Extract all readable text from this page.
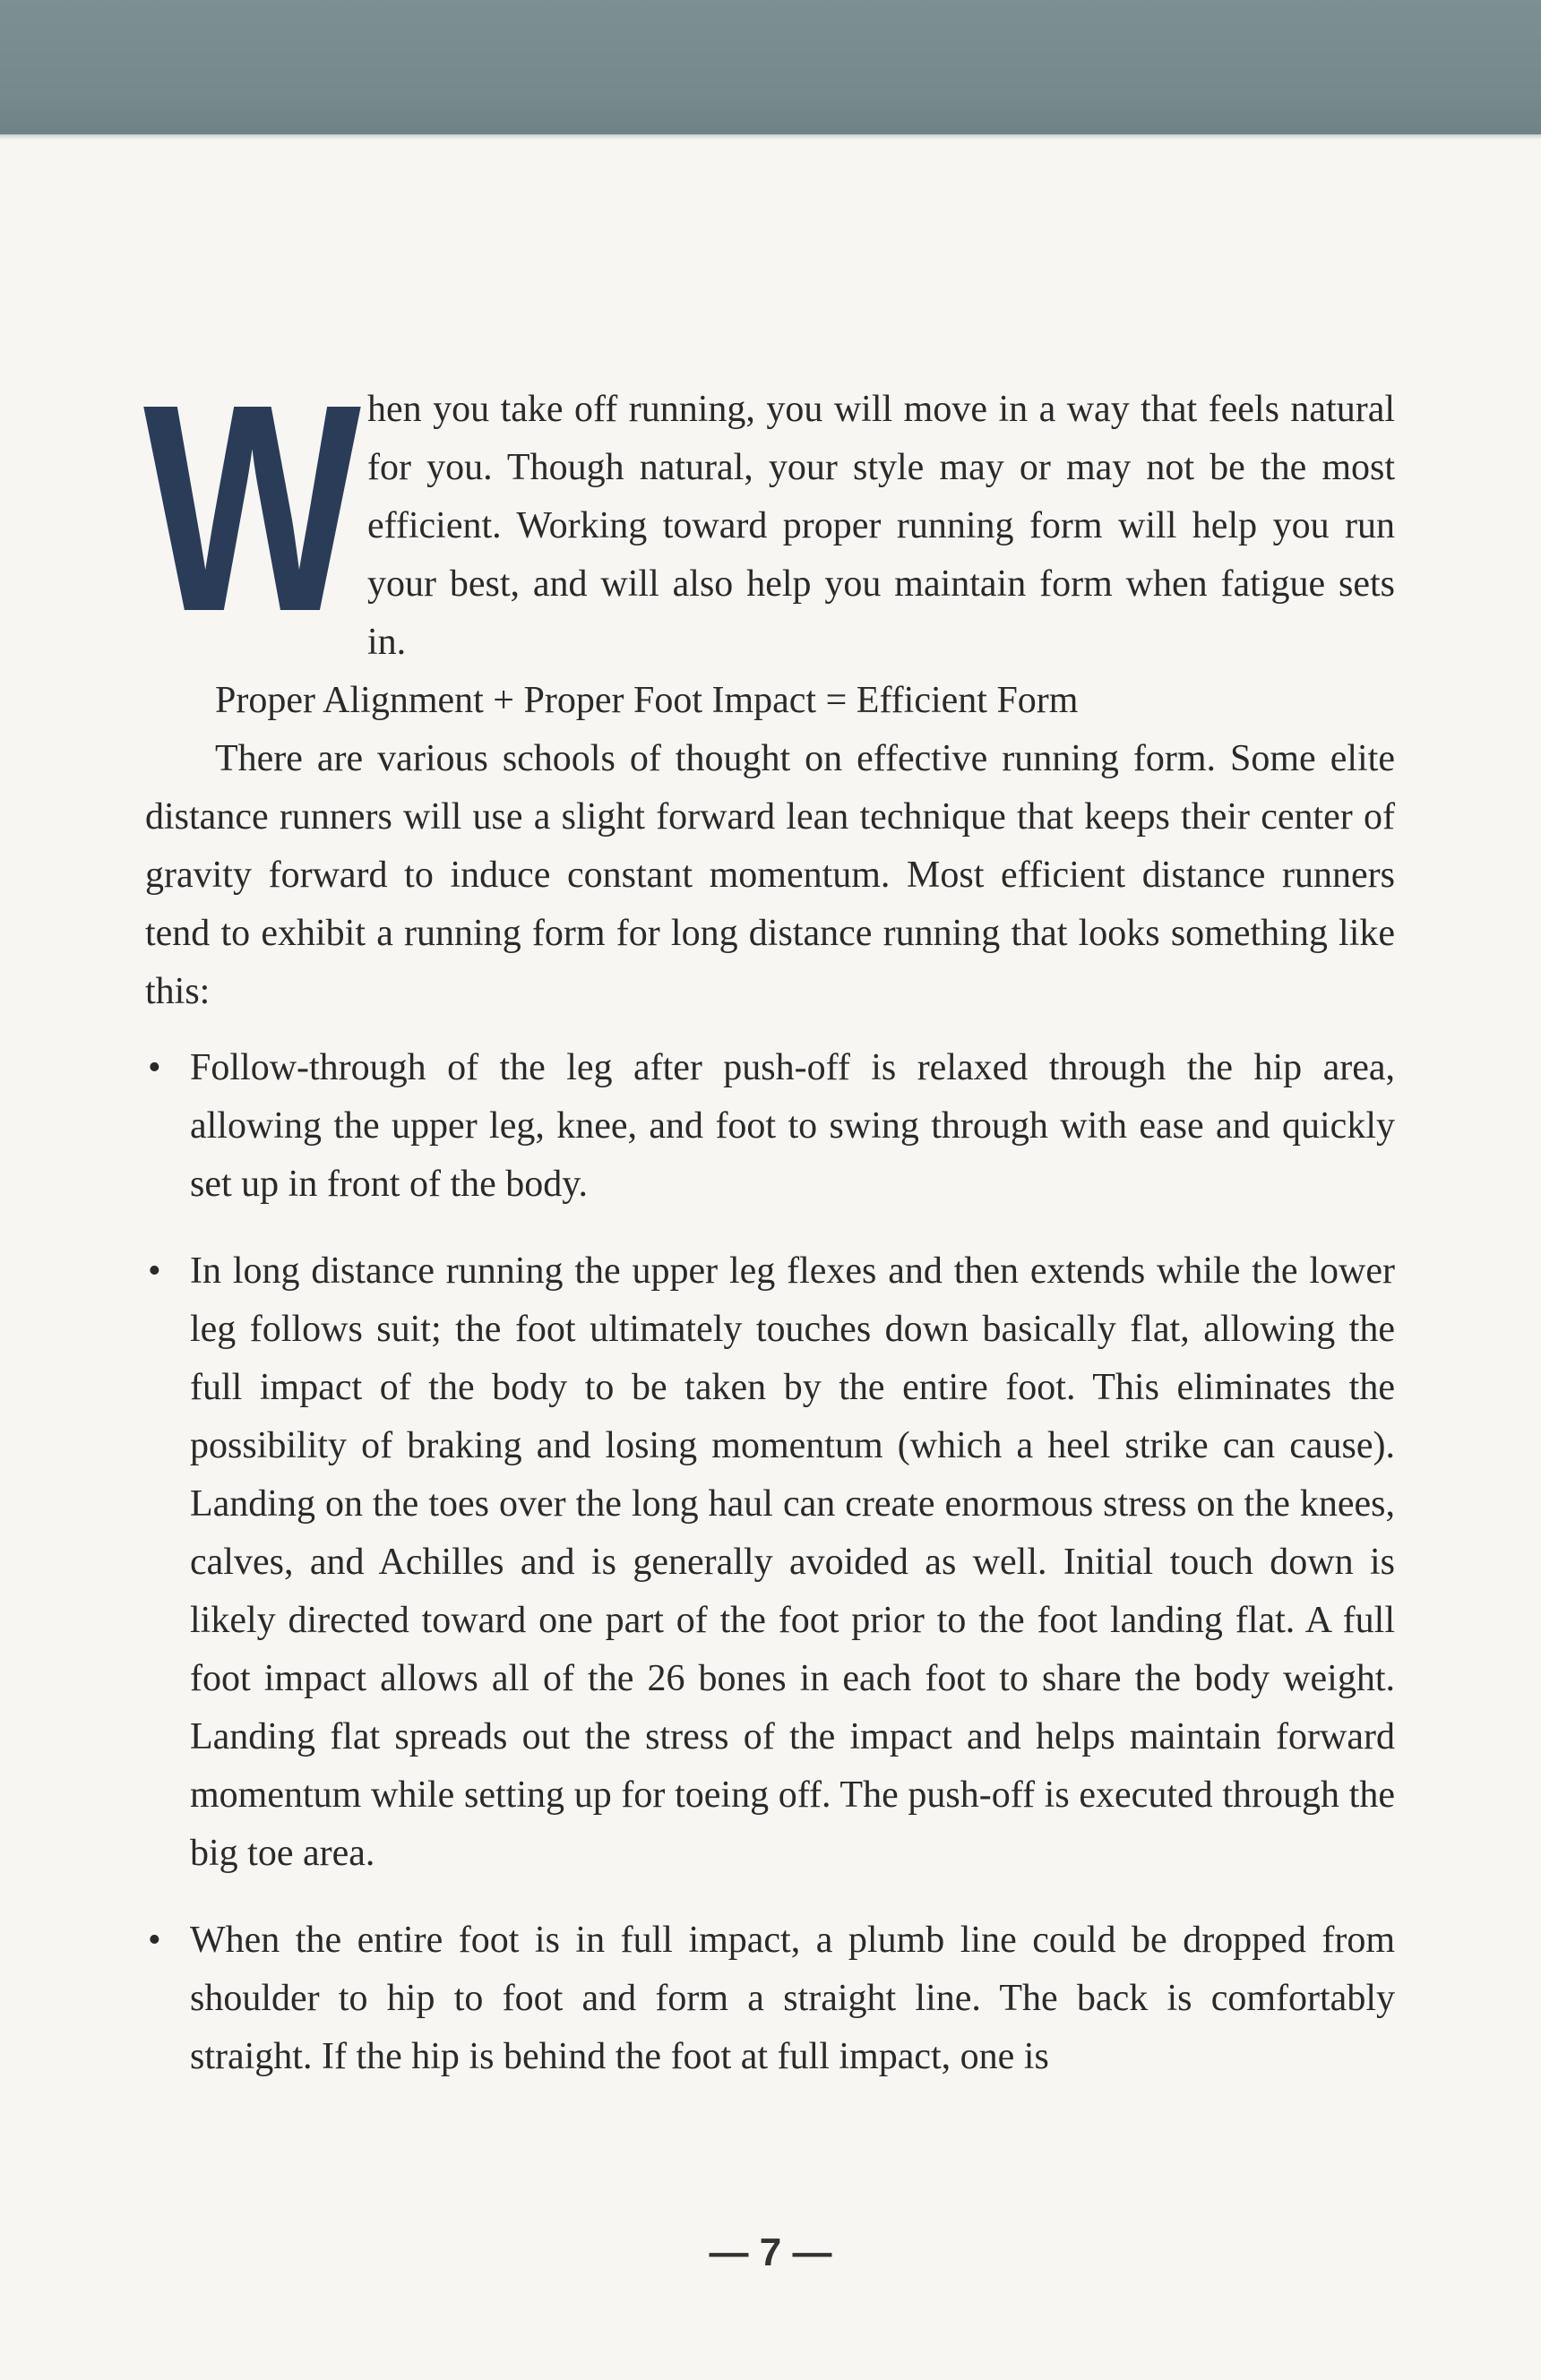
When you take off running, you will move in a way that feels natural for you. Though natural, your style may or may not be the most efficient. Working toward proper running form will help you run your best, and will also help you maintain form when fatigue sets in.

Proper Alignment + Proper Foot Impact = Efficient Form

There are various schools of thought on effective running form. Some elite distance runners will use a slight forward lean technique that keeps their center of gravity forward to induce constant momentum. Most efficient distance runners tend to exhibit a running form for long distance running that looks something like this:

• Follow-through of the leg after push-off is relaxed through the hip area, allowing the upper leg, knee, and foot to swing through with ease and quickly set up in front of the body.
• In long distance running the upper leg flexes and then extends while the lower leg follows suit; the foot ultimately touches down basically flat, allowing the full impact of the body to be taken by the entire foot. This eliminates the possibility of braking and losing momentum (which a heel strike can cause). Landing on the toes over the long haul can create enormous stress on the knees, calves, and Achilles and is generally avoided as well. Initial touch down is likely directed toward one part of the foot prior to the foot landing flat. A full foot impact allows all of the 26 bones in each foot to share the body weight. Landing flat spreads out the stress of the impact and helps maintain forward momentum while setting up for toeing off. The push-off is executed through the big toe area.
• When the entire foot is in full impact, a plumb line could be dropped from shoulder to hip to foot and form a straight line. The back is comfortably straight. If the hip is behind the foot at full impact, one is
— 7 —
